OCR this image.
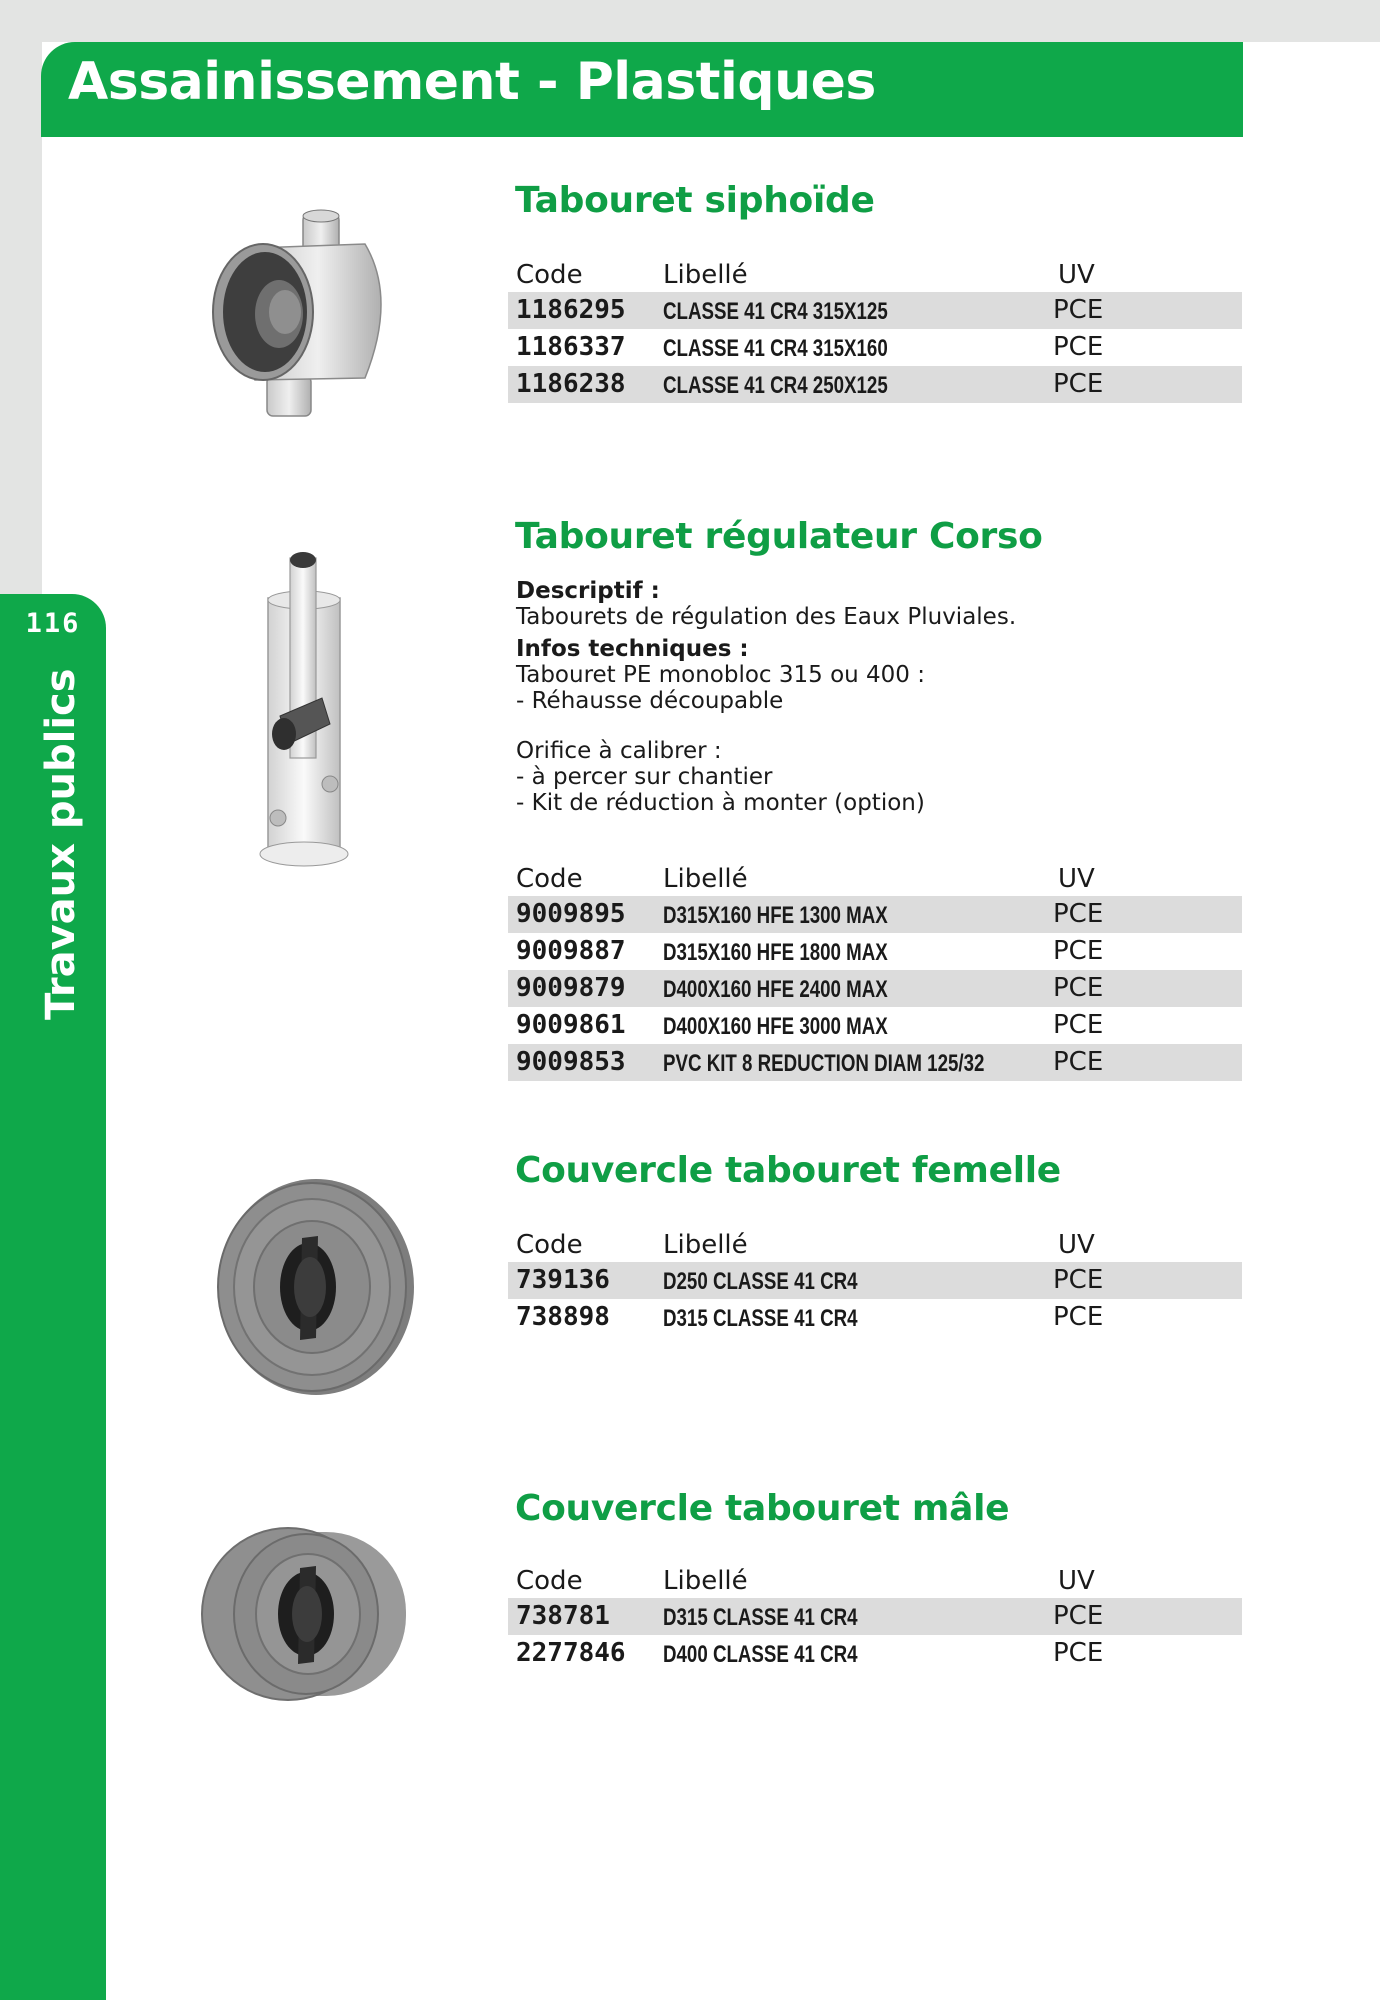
Assainissement - Plastiques
116
Travaux publics
Tabouret siphoïde
Code	Libellé	UV
1186295 CLASSE 41 CR4 315X125	PCE
1186337 CLASSE 41 CR4 315X160	PCE
1186238 CLASSE 41 CR4 250X125	PCE
Tabouret régulateur Corso

Descriptif :

Tabourets de régulation des Eaux Pluviales.

Infos techniques :

Tabouret PE monobloc 315 ou 400 :

- Réhausse découpable

Orifice à calibrer :

- à percer sur chantier

- Kit de réduction à monter (option)

Code	Libellé	UV
9009895 D315X160 HFE 1300 MAX	PCE
9009887 D315X160 HFE 1800 MAX	PCE
9009879 D400X160 HFE 2400 MAX	PCE
9009861 D400X160 HFE 3000 MAX	PCE
9009853 PVC KIT 8 REDUCTION DIAM 125/32	PCE
Couvercle tabouret femelle
Code	Libellé	UV
739136 D250 CLASSE 41 CR4	PCE
738898 D315 CLASSE 41 CR4	PCE
Couvercle tabouret mâle
Code	Libellé	UV
738781 D315 CLASSE 41 CR4	PCE
2277846 D400 CLASSE 41 CR4	PCE
